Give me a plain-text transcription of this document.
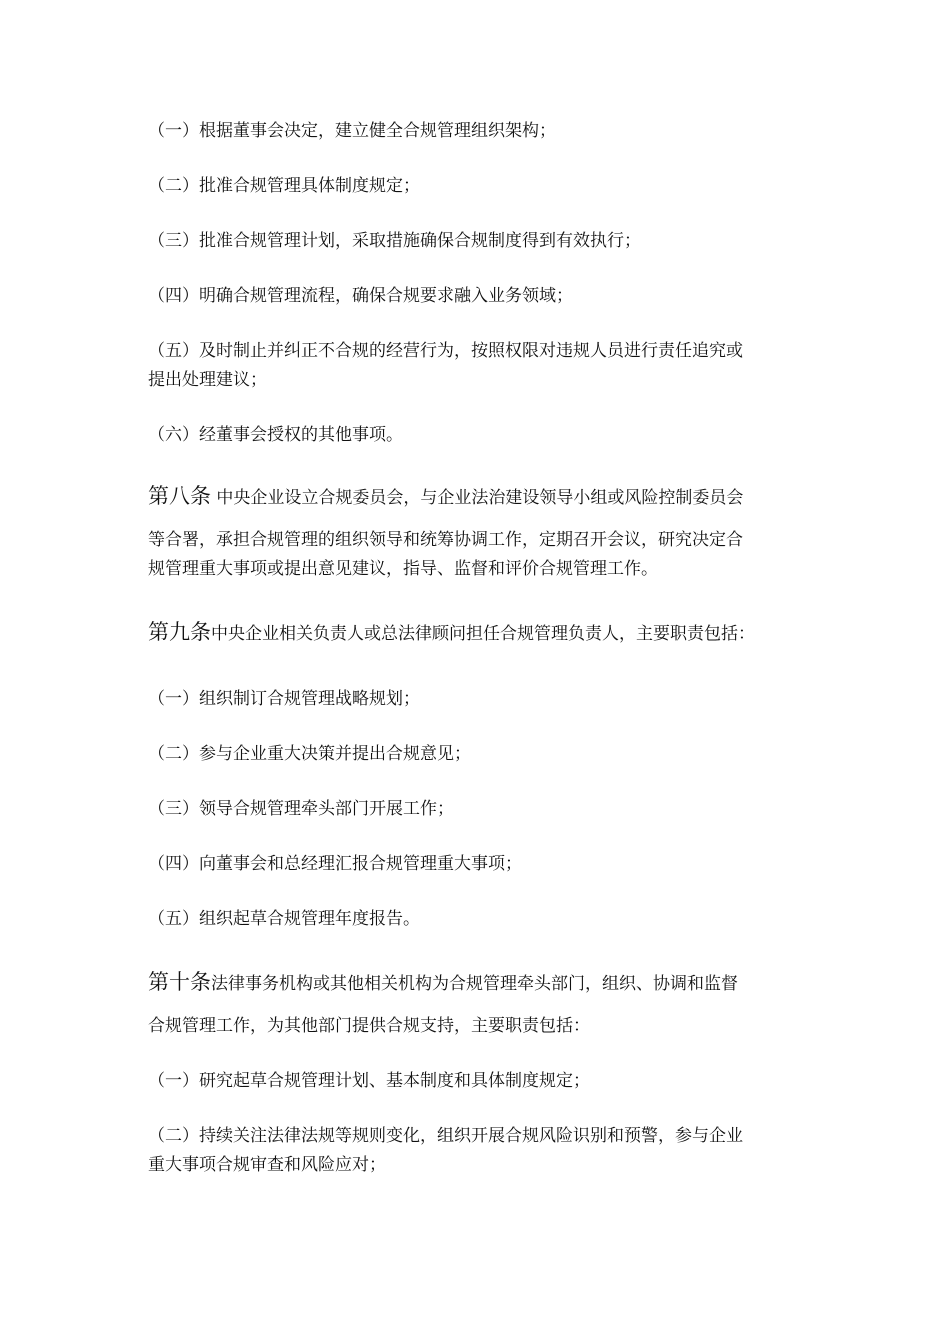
（一）根据董事会决定，建立健全合规管理组织架构；
（二）批准合规管理具体制度规定；
（三）批准合规管理计划，采取措施确保合规制度得到有效执行；
（四）明确合规管理流程，确保合规要求融入业务领域；
（五）及时制止并纠正不合规的经营行为，按照权限对违规人员进行责任追究或
提出处理建议；
（六）经董事会授权的其他事项。
第八条 中央企业设立合规委员会，与企业法治建设领导小组或风险控制委员会
等合署，承担合规管理的组织领导和统筹协调工作，定期召开会议，研究决定合
规管理重大事项或提出意见建议，指导、监督和评价合规管理工作。
第九条中央企业相关负责人或总法律顾问担任合规管理负责人，主要职责包括：
（一）组织制订合规管理战略规划；
（二）参与企业重大决策并提出合规意见；
（三）领导合规管理牵头部门开展工作；
（四）向董事会和总经理汇报合规管理重大事项；
（五）组织起草合规管理年度报告。
第十条法律事务机构或其他相关机构为合规管理牵头部门，组织、协调和监督
合规管理工作，为其他部门提供合规支持，主要职责包括：
（一）研究起草合规管理计划、基本制度和具体制度规定；
（二）持续关注法律法规等规则变化，组织开展合规风险识别和预警，参与企业
重大事项合规审查和风险应对；
